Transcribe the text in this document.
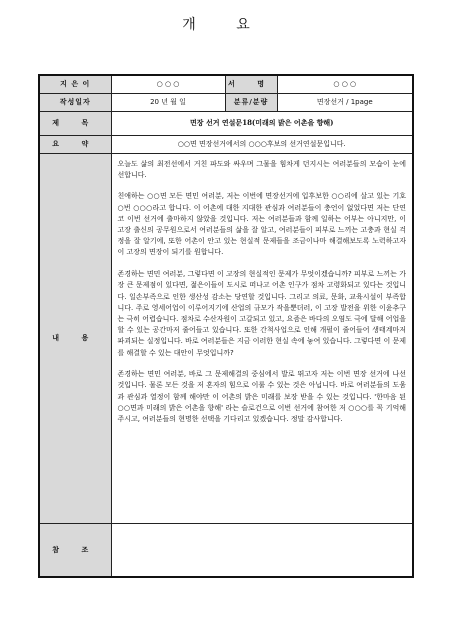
개 요
지 은 이	○ ○ ○	서 명	○ ○ ○
작성일자	20 년 월 일	분류/분량	면장선거 / 1page
제 목	면장 선거 연설문18(미래의 밝은 어촌을 향해)		
요 약	○○면 면장선거에서의 ○○○후보의 선거연설문입니다.		
내 용	오늘도 삶의 최전선에서 거친 파도와 싸우며 그물을 힘차게 던지시는 여러분들의 모습이 눈에 선합니다.

친애하는 ○○면 모든 면민 여러분, 저는 이번에 면장선거에 입후보한 ○○리에 살고 있는 기호 ○번 ○○○라고 합니다. 이 어촌에 대한 지대한 관심과 여러분들이 충언이 없었다면 저는 단연코 이번 선거에 출마하지 않았을 것입니다. 저는 여러분들과 함께 일하는 어부는 아니지만, 이 고장 출신의 공무원으로서 여러분들의 삶을 잘 알고, 여러분들이 피부로 느끼는 고충과 현실 걱정을 잘 알기에, 또한 어촌이 안고 있는 현실적 문제들을 조금이나마 해결해보도록 노력하고자 이 고장의 면장이 되기를 원합니다.

존경하는 면민 여러분, 그렇다면 이 고장의 현실적인 문제가 무엇이겠습니까? 피부로 느끼는 가장 큰 문제점이 있다면, 젊은이들이 도시로 떠나고 어촌 인구가 점차 고령화되고 있다는 것입니다. 일손부족으로 인한 생산성 감소는 당연할 것입니다. 그리고 의료, 문화, 교육시설이 부족합니다. 주로 영세어업이 이루어지기에 산업의 규모가 작을뿐더러, 이 고장 발전을 위한 이윤추구는 극히 어렵습니다. 점차로 수산자원이 고갈되고 있고, 요즘은 바다의 오염도 극에 달해 어업을 할 수 있는 공간마저 줄어들고 있습니다. 또한 간척사업으로 인해 개펄이 줄어들어 생태계마저 파괴되는 실정입니다. 바로 여러분들은 지금 이러한 현실 속에 놓여 있습니다. 그렇다면 이 문제를 해결할 수 있는 대안이 무엇입니까?

존경하는 면민 여러분, 바로 그 문제해결의 중심에서 발로 뛰고자 저는 이번 면장 선거에 나선 것입니다. 물론 모든 것을 저 혼자의 힘으로 이룰 수 있는 것은 아닙니다. 바로 여러분들의 도움과 관심과 열정이 함께 해야만 이 어촌의 밝은 미래를 보장 받을 수 있는 것입니다. '한마음 된 ○○면과 미래의 밝은 어촌을 향해' 라는 슬로건으로 이번 선거에 참여한 저 ○○○를 꼭 기억해 주시고, 여러분들의 현명한 선택을 기다리고 있겠습니다. 정말 감사합니다.		

참 조			
